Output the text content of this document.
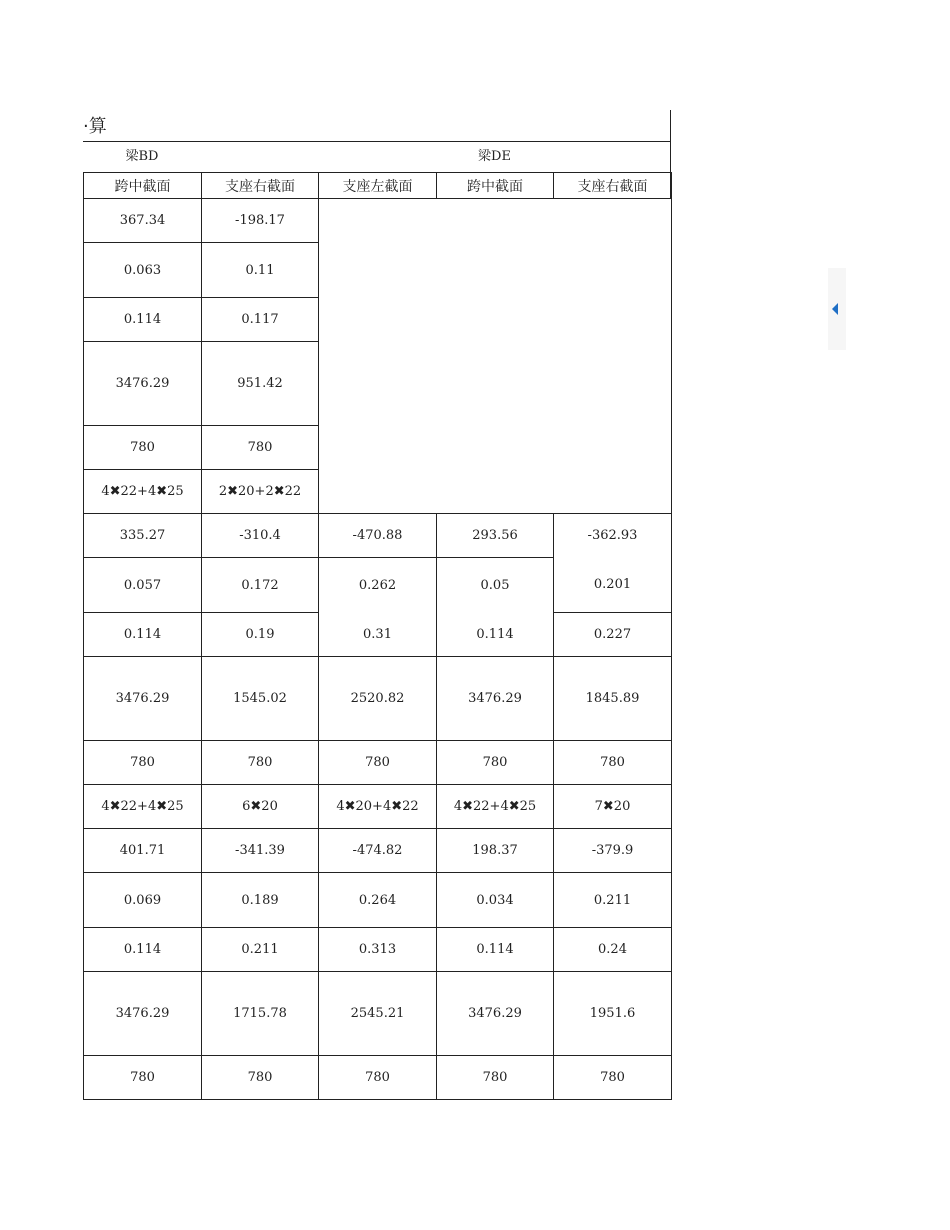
·算
梁BD	梁DE
跨中截面	支座右截面	支座左截面	跨中截面	支座右截面
367.34	-198.17			
0.063	0.11			
0.114	0.117			
3476.29	951.42			
780	780			
4✖22+4✖25	2✖20+2✖22			
335.27	-310.4	-470.88	293.56	-362.93
0.057	0.172	0.262	0.05	0.201
0.114	0.19	0.31	0.114	0.227
3476.29	1545.02	2520.82	3476.29	1845.89
780	780	780	780	780
4✖22+4✖25	6✖20	4✖20+4✖22	4✖22+4✖25	7✖20
401.71	-341.39	-474.82	198.37	-379.9
0.069	0.189	0.264	0.034	0.211
0.114	0.211	0.313	0.114	0.24
3476.29	1715.78	2545.21	3476.29	1951.6
780	780	780	780	780
